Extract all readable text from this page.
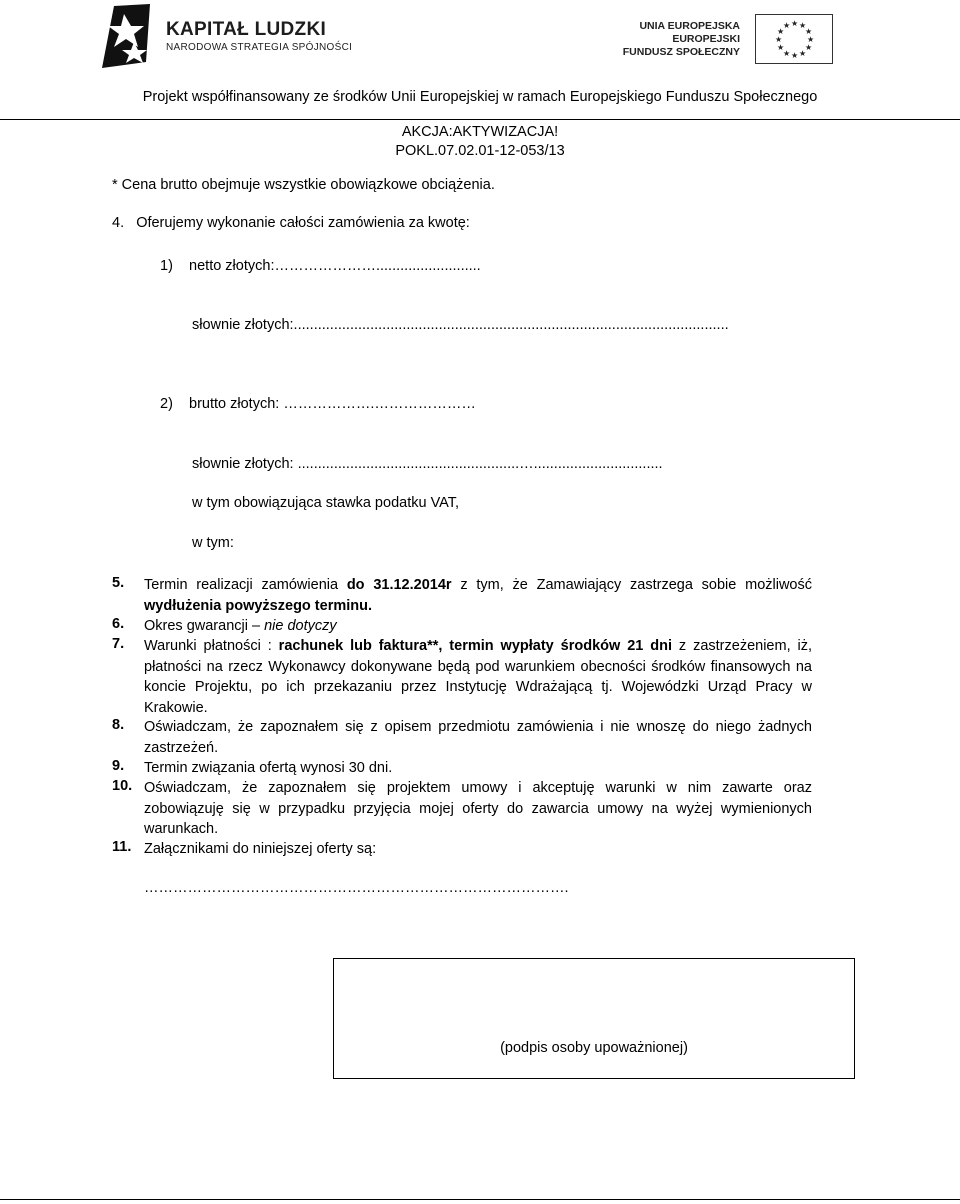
KAPITAŁ LUDZKI
NARODOWA STRATEGIA SPÓJNOŚCI
UNIA EUROPEJSKA
EUROPEJSKI
FUNDUSZ SPOŁECZNY
★ ★
★
★
★
★
★
★
★
★
★
★
Projekt współfinansowany ze środków Unii Europejskiej w ramach Europejskiego Funduszu Społecznego
AKCJA:AKTYWIZACJA!
POKL.07.02.01-12-053/13
* Cena brutto obejmuje wszystkie obowiązkowe obciążenia.
4. Oferujemy wykonanie całości zamówienia za kwotę:
1) netto złotych:…………………..........................
słownie złotych:............................................................................................................
2) brutto złotych: ……………….…………………
słownie złotych: .......................................................…................................
w tym obowiązująca stawka podatku VAT,
w tym:
5. Termin realizacji zamówienia do 31.12.2014r z tym, że Zamawiający zastrzega sobie możliwość wydłużenia powyższego terminu.
6. Okres gwarancji – nie dotyczy
7. Warunki płatności : rachunek lub faktura**, termin wypłaty środków 21 dni z zastrzeżeniem, iż, płatności na rzecz Wykonawcy dokonywane będą pod warunkiem obecności środków finansowych na koncie Projektu, po ich przekazaniu przez Instytucję Wdrażającą tj. Wojewódzki Urząd Pracy w Krakowie.
8. Oświadczam, że zapoznałem się z opisem przedmiotu zamówienia i nie wnoszę do niego żadnych zastrzeżeń.
9. Termin związania ofertą wynosi 30 dni.
10. Oświadczam, że zapoznałem się projektem umowy i akceptuję warunki w nim zawarte oraz zobowiązuję się w przypadku przyjęcia mojej oferty do zawarcia umowy na wyżej wymienionych warunkach.
11. Załącznikami do niniejszej oferty są:
…………………………………………………………………………….
(podpis osoby upoważnionej)
